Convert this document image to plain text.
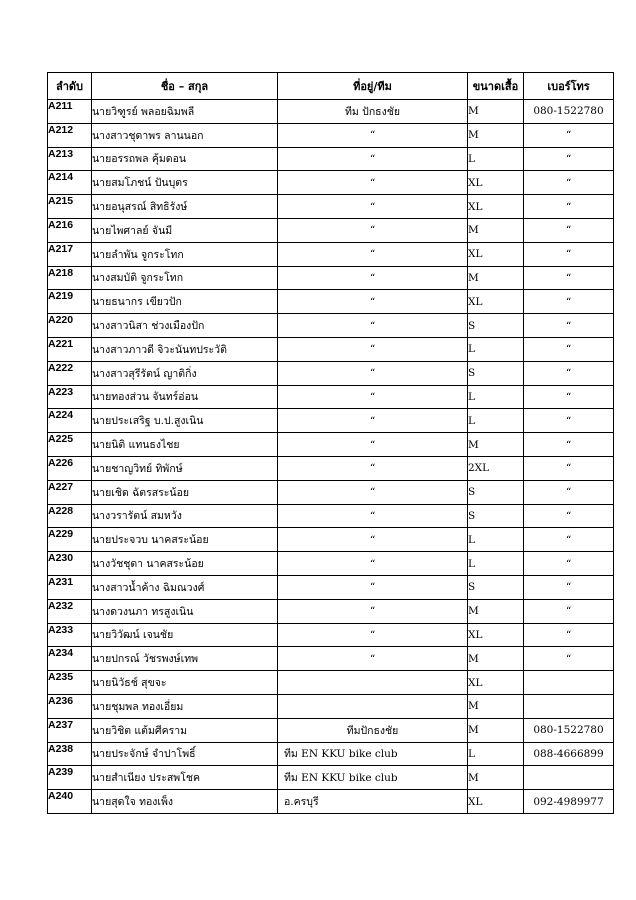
ลำดับ	ชื่อ – สกุล	ที่อยู่/ทีม	ขนาดเสื้อ	เบอร์โทร
A211	นายวิฑูรย์ พลอยฉิมพลี	ทีม ปักธงชัย	M	080-1522780
A212	นางสาวชุดาพร ลานนอก	“	M	“
A213	นายอรรถพล คุ้มดอน	“	L	“
A214	นายสมโภชน์ ปันบุตร	“	XL	“
A215	นายอนุสรณ์ สิทธิรังษ์	“	XL	“
A216	นายไพศาลย์ จันมี	“	M	“
A217	นายลำพัน จูกระโทก	“	XL	“
A218	นางสมบัติ จูกระโทก	“	M	“
A219	นายธนากร เขียวปัก	“	XL	“
A220	นางสาวนิสา ช่วงเมืองปัก	“	S	“
A221	นางสาวภาวดี จิวะนันทประวัติ	“	L	“
A222	นางสาวสุรีรัตน์ ญาติกิ่ง	“	S	“
A223	นายทองส่วน จันทร์อ่อน	“	L	“
A224	นายประเสริฐ บ.ป.สูงเนิน	“	L	“
A225	นายนิติ แทนธงไชย	“	M	“
A226	นายชาญวิทย์ ทิพักษ์	“	2XL	“
A227	นายเชิด ฉัตรสระน้อย	“	S	“
A228	นางวรารัตน์ สมหวัง	“	S	“
A229	นายประจวบ นาคสระน้อย	“	L	“
A230	นางวัชชุดา นาคสระน้อย	“	L	“
A231	นางสาวน้ำค้าง ฉิมณวงศ์	“	S	“
A232	นางดวงนภา ทรสูงเนิน	“	M	“
A233	นายวิวัฒน์ เจนชัย	“	XL	“
A234	นายปกรณ์ วัชรพงษ์เทพ	“	M	“
A235	นายนิวัธช์ สุขจะ		XL	
A236	นายชุมพล ทองเอี่ยม		M	
A237	นายวิชิต แต้มศีคราม	ทีมปักธงชัย	M	080-1522780
A238	นายประจักษ์ จำปาโพธิ์	ทีม EN KKU bike club	L	088-4666899
A239	นายสำเนียง ประสพโชค	ทีม EN KKU bike club	M	
A240	นายสุดใจ ทองเพ็ง	อ.ครบุรี	XL	092-4989977
